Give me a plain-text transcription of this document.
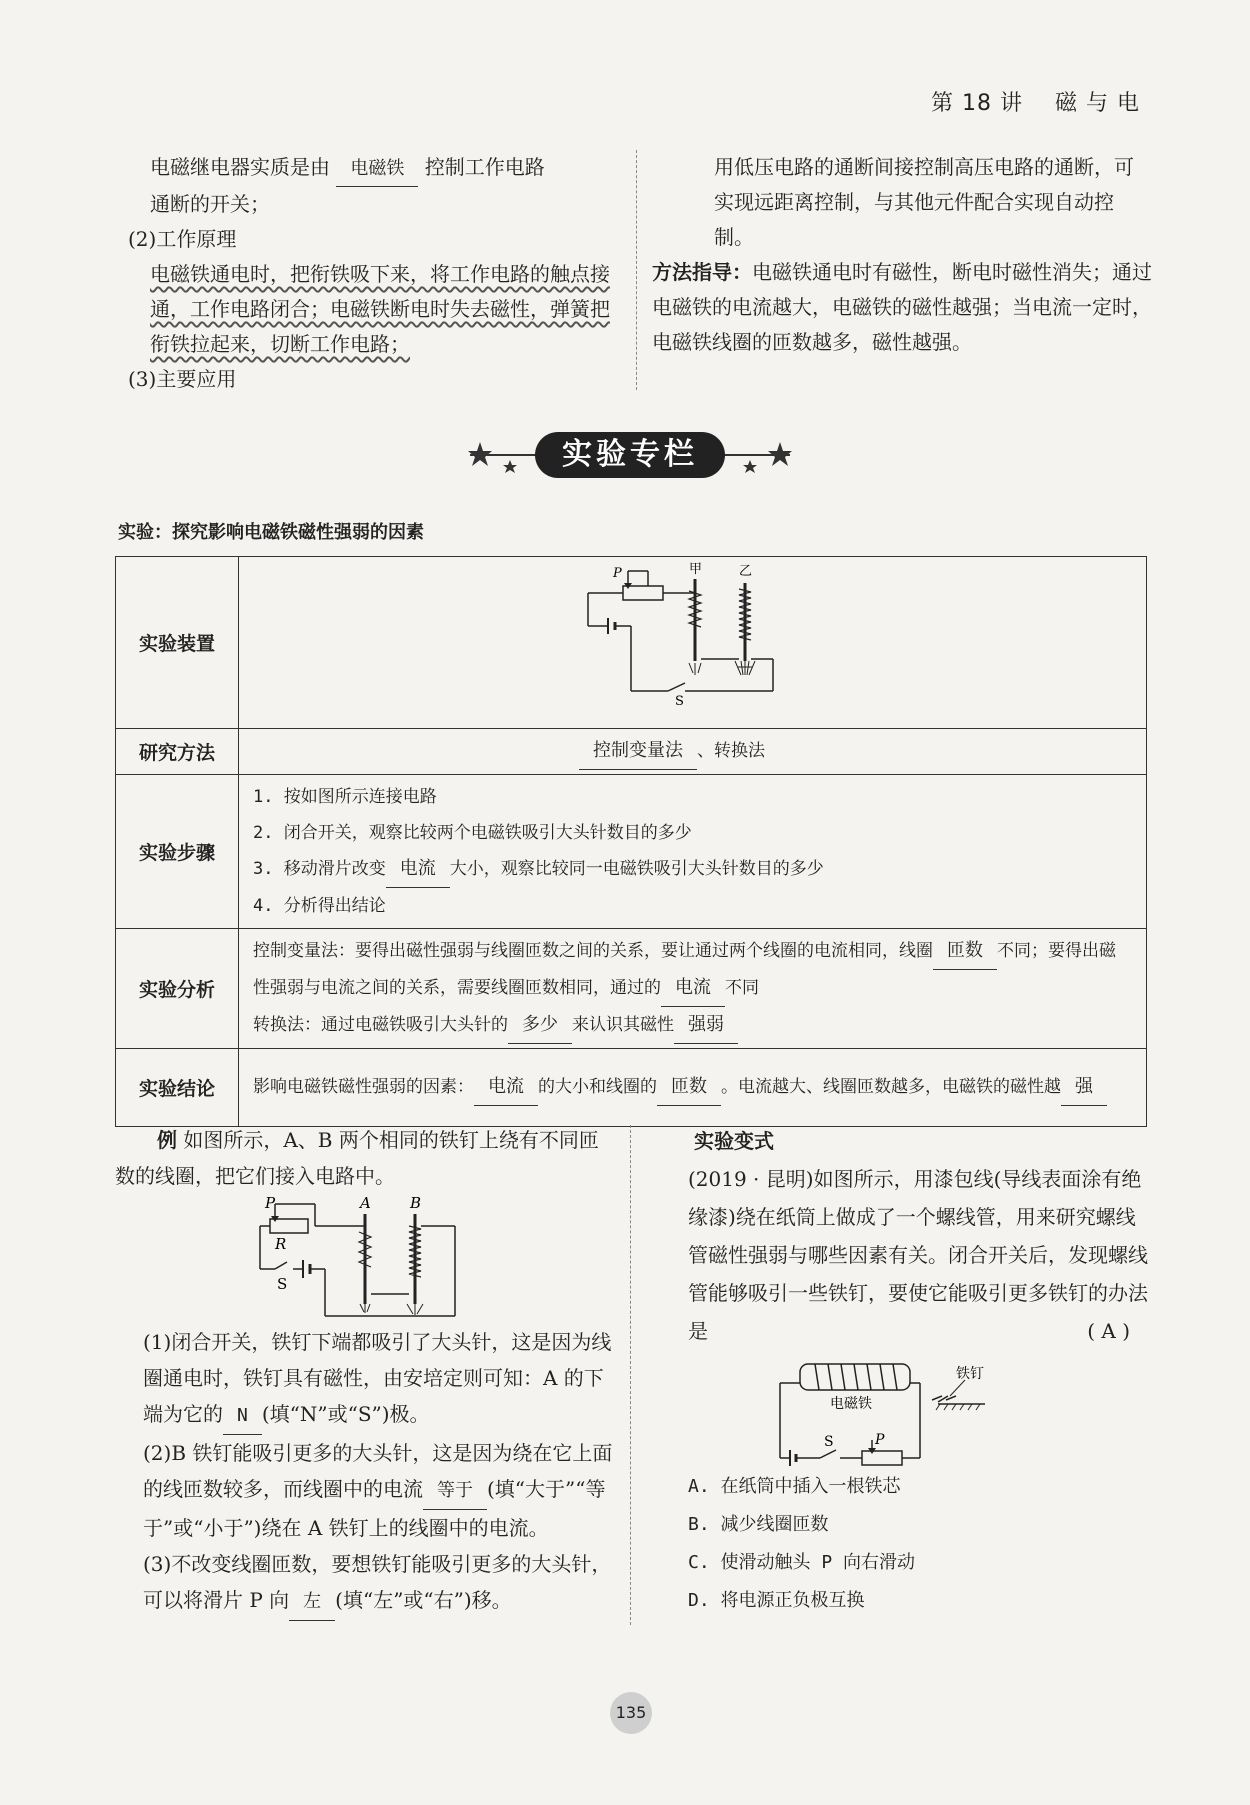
第 18 讲 磁 与 电
电磁继电器实质是由 电磁铁 控制工作电路
通断的开关；
(2)工作原理
电磁铁通电时，把衔铁吸下来，将工作电路的触点接通，工作电路闭合；电磁铁断电时失去磁性，弹簧把衔铁拉起来，切断工作电路；
(3)主要应用
用低压电路的通断间接控制高压电路的通断，可实现远距离控制，与其他元件配合实现自动控制。
方法指导：电磁铁通电时有磁性，断电时磁性消失；通过电磁铁的电流越大，电磁铁的磁性越强；当电流一定时，电磁铁线圈的匝数越多，磁性越强。
实验专栏
实验：探究影响电磁铁磁性强弱的因素
实验装置	P
S
甲 乙

研究方法	控制变量法 、转换法
实验步骤	1. 按如图所示连接电路
2. 闭合开关，观察比较两个电磁铁吸引大头针数目的多少
3. 移动滑片改变 电流 大小，观察比较同一电磁铁吸引大头针数目的多少
4. 分析得出结论

实验分析	控制变量法：要得出磁性强弱与线圈匝数之间的关系，要让通过两个线圈的电流相同，线圈 匝数 不同；要得出磁性强弱与电流之间的关系，需要线圈匝数相同，通过的 电流 不同
转换法：通过电磁铁吸引大头针的 多少 来认识其磁性 强弱

实验结论	影响电磁铁磁性强弱的因素： 电流 的大小和线圈的 匝数 。电流越大、线圈匝数越多，电磁铁的磁性越 强
例 如图所示，A、B 两个相同的铁钉上绕有不同匝数的线圈，把它们接入电路中。
P
R
S
A	B
(1)闭合开关，铁钉下端都吸引了大头针，这是因为线圈通电时，铁钉具有磁性，由安培定则可知：A 的下端为它的 N (填“N”或“S”)极。
(2)B 铁钉能吸引更多的大头针，这是因为绕在它上面的线匝数较多，而线圈中的电流 等于 (填“大于”“等于”或“小于”)绕在 A 铁钉上的线圈中的电流。
(3)不改变线圈匝数，要想铁钉能吸引更多的大头针，可以将滑片 P 向 左 (填“左”或“右”)移。
实验变式
(2019 · 昆明)如图所示，用漆包线(导线表面涂有绝缘漆)绕在纸筒上做成了一个螺线管，用来研究螺线管磁性强弱与哪些因素有关。闭合开关后，发现螺线管能够吸引一些铁钉，要使它能吸引更多铁钉的办法是	( A )
电磁铁
铁钉
S	P
A. 在纸筒中插入一根铁芯
B. 减少线圈匝数
C. 使滑动触头 P 向右滑动
D. 将电源正负极互换
135
